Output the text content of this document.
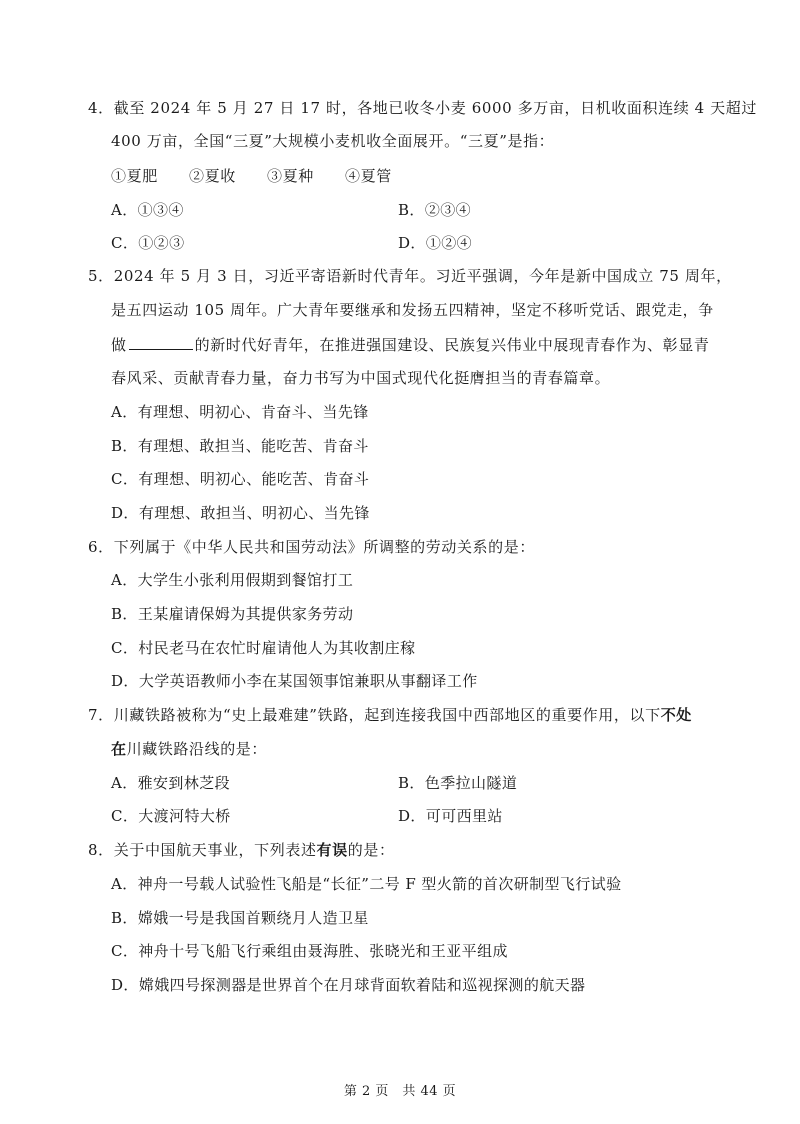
4．截至 2024 年 5 月 27 日 17 时，各地已收冬小麦 6000 多万亩，日机收面积连续 4 天超过
400 万亩，全国“三夏”大规模小麦机收全面展开。“三夏”是指：
①夏肥　　②夏收　　③夏种　　④夏管
A．①③④	B．②③④
C．①②③	D．①②④
5．2024 年 5 月 3 日，习近平寄语新时代青年。习近平强调，今年是新中国成立 75 周年，
是五四运动 105 周年。广大青年要继承和发扬五四精神，坚定不移听党话、跟党走，争
做	的新时代好青年，在推进强国建设、民族复兴伟业中展现青春作为、彰显青
春风采、贡献青春力量，奋力书写为中国式现代化挺膺担当的青春篇章。
A．有理想、明初心、肯奋斗、当先锋
B．有理想、敢担当、能吃苦、肯奋斗
C．有理想、明初心、能吃苦、肯奋斗
D．有理想、敢担当、明初心、当先锋
6．下列属于《中华人民共和国劳动法》所调整的劳动关系的是：
A．大学生小张利用假期到餐馆打工
B．王某雇请保姆为其提供家务劳动
C．村民老马在农忙时雇请他人为其收割庄稼
D．大学英语教师小李在某国领事馆兼职从事翻译工作
7．川藏铁路被称为“史上最难建”铁路，起到连接我国中西部地区的重要作用，以下不处
在川藏铁路沿线的是：
A．雅安到林芝段	B．色季拉山隧道
C．大渡河特大桥	D．可可西里站
8．关于中国航天事业，下列表述有误的是：
A．神舟一号载人试验性飞船是“长征”二号 F 型火箭的首次研制型飞行试验
B．嫦娥一号是我国首颗绕月人造卫星
C．神舟十号飞船飞行乘组由聂海胜、张晓光和王亚平组成
D．嫦娥四号探测器是世界首个在月球背面软着陆和巡视探测的航天器
第 2 页　共 44 页
